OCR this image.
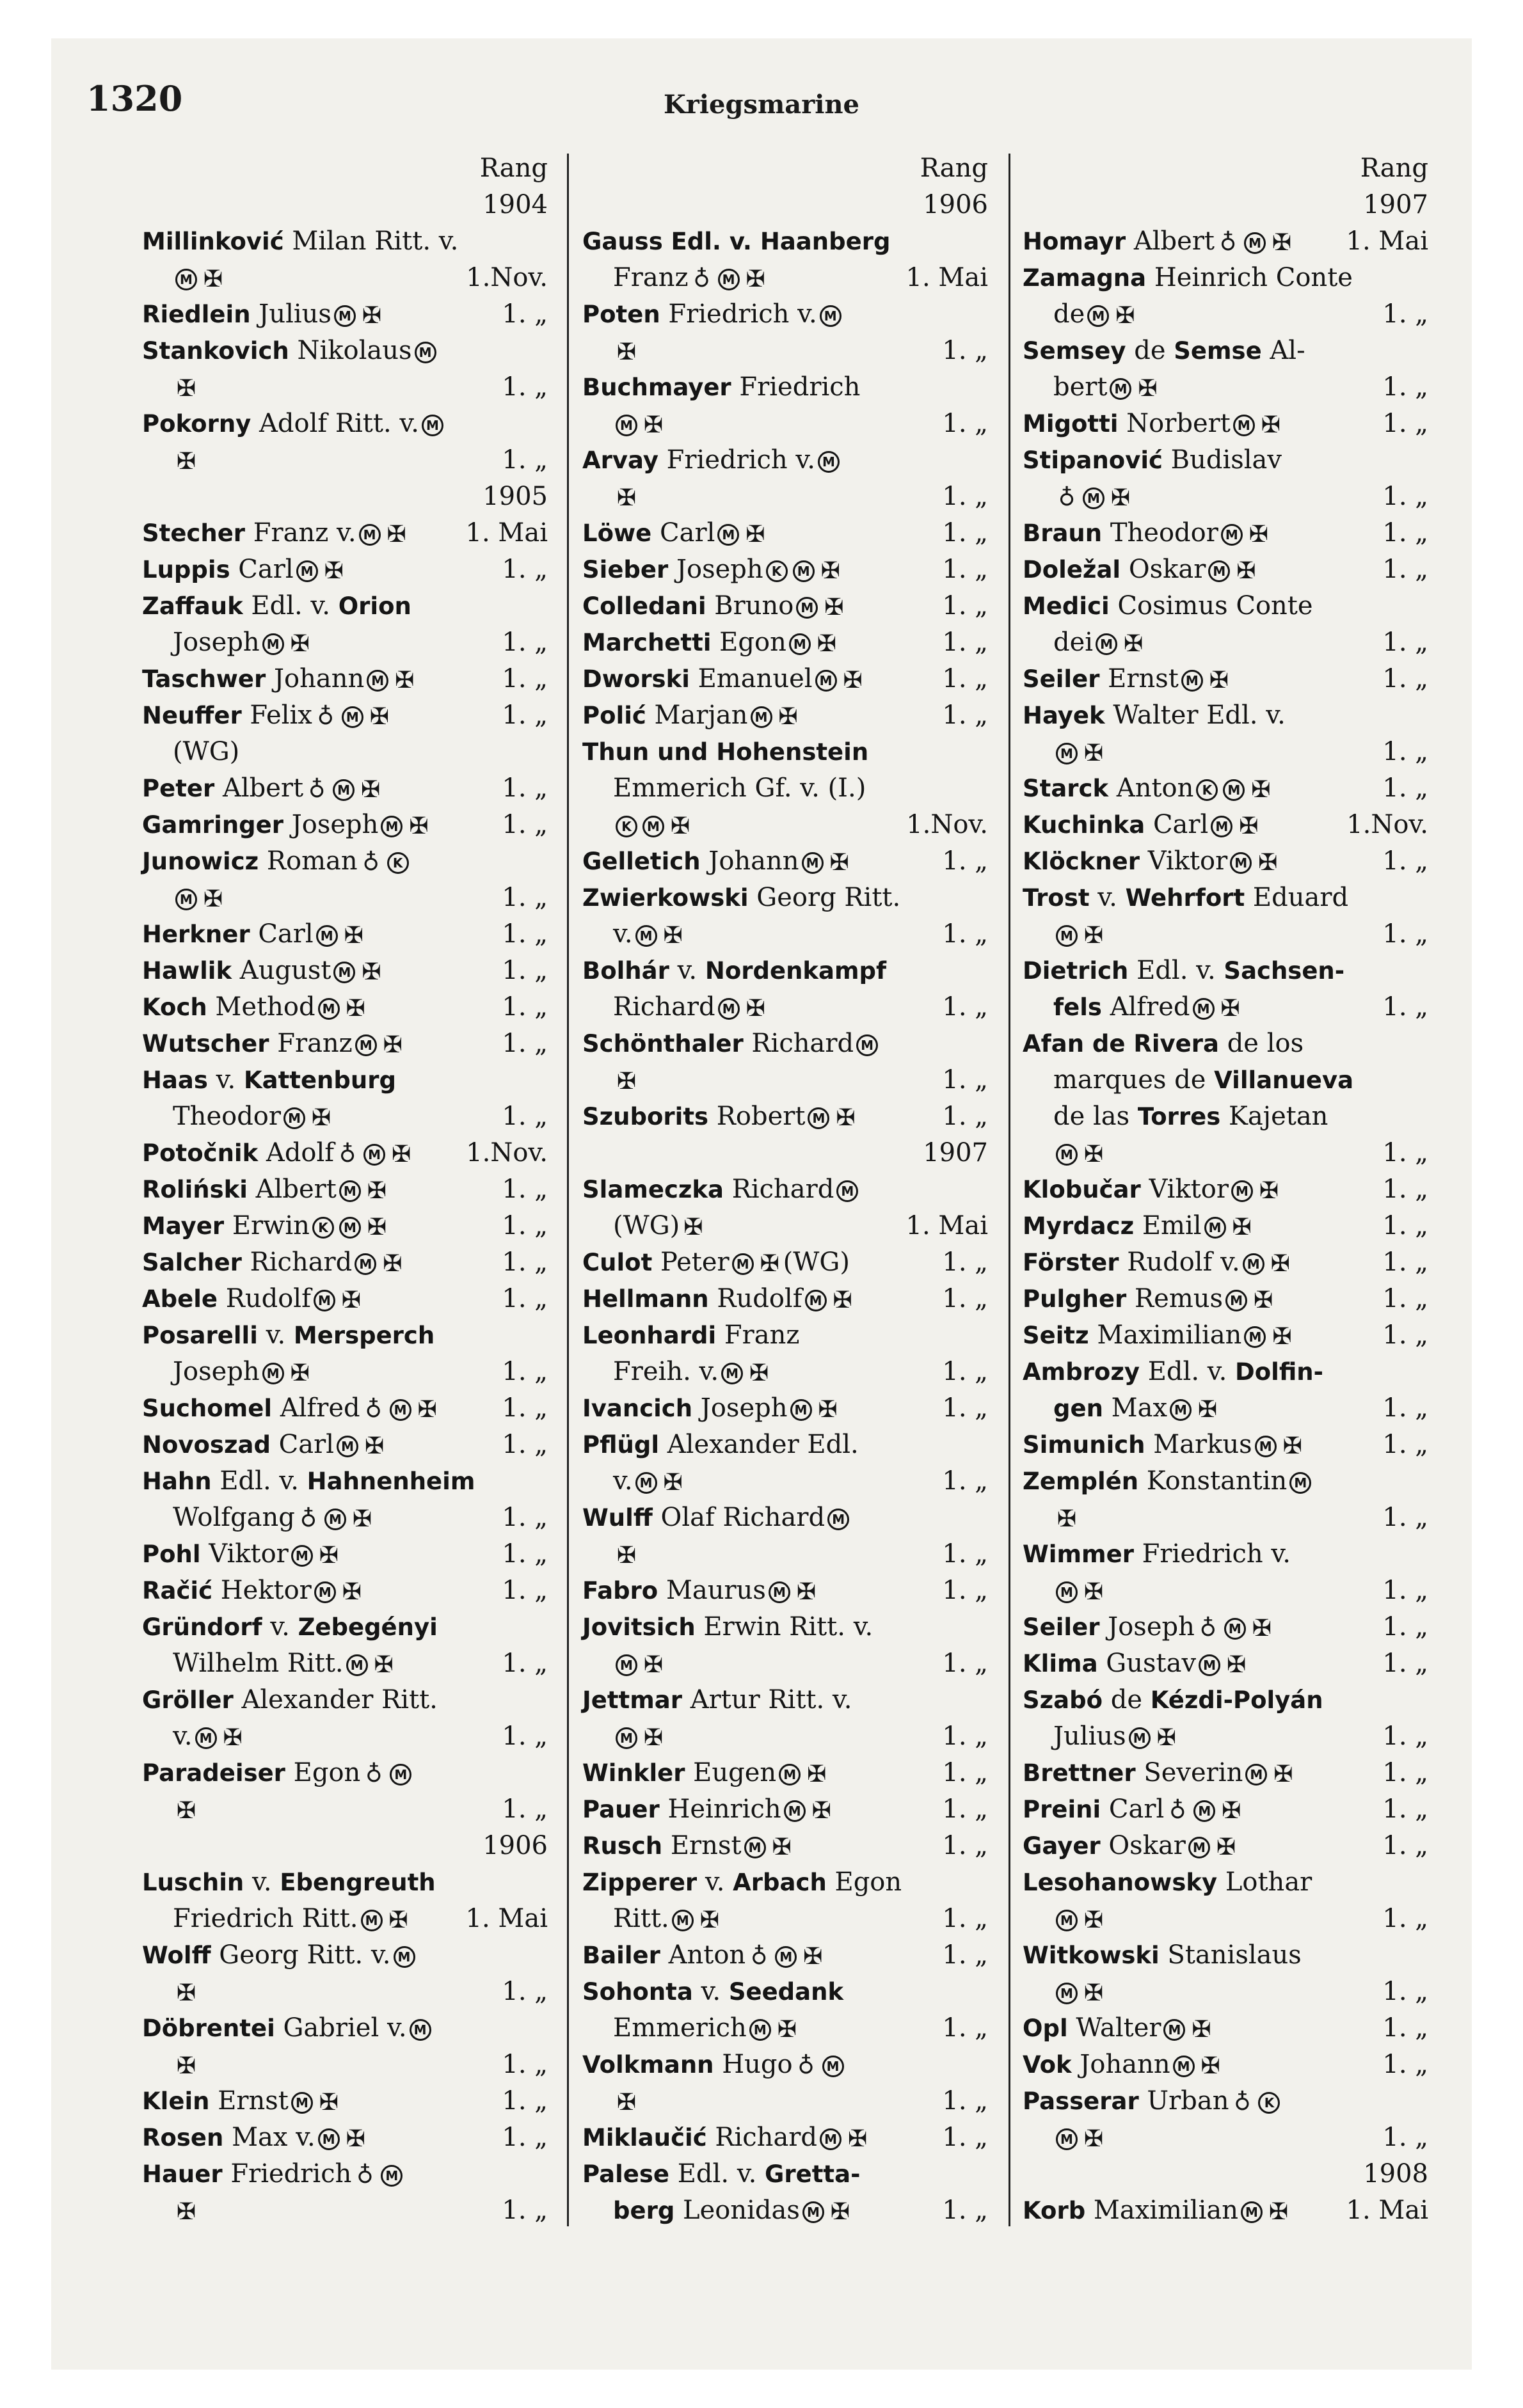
1320	Kriegsmarine
Rang
1904
Millinković Milan Ritt. v.
M ✠	1.Nov.
Riedlein Julius M ✠	1. „
Stankovich Nikolaus M
✠	1. „
Pokorny Adolf Ritt. v. M
✠	1. „
1905
Stecher Franz v. M ✠ 1. Mai
Luppis Carl M ✠	1. „
Zaffauk Edl. v. Orion
Joseph M ✠	1. „
Taschwer Johann M ✠	1. „
Neuffer Felix ♁ M ✠	1. „
(WG)
Peter Albert ♁ M ✠	1. „
Gamringer Joseph M ✠	1. „
Junowicz Roman ♁ K
M ✠	1. „
Herkner Carl M ✠	1. „
Hawlik August M ✠	1. „
Koch Method M ✠	1. „
Wutscher Franz M ✠	1. „
Haas v. Kattenburg
Theodor M ✠	1. „
Potočnik Adolf ♁ M ✠ 1.Nov.
Roliński Albert M ✠	1. „
Mayer Erwin K M ✠	1. „
Salcher Richard M ✠	1. „
Abele Rudolf M ✠	1. „
Posarelli v. Mersperch
Joseph M ✠	1. „
Suchomel Alfred ♁ M ✠	1. „
Novoszad Carl M ✠	1. „
Hahn Edl. v. Hahnenheim
Wolfgang ♁ M ✠	1. „
Pohl Viktor M ✠	1. „
Račić Hektor M ✠	1. „
Gründorf v. Zebegényi
Wilhelm Ritt. M ✠	1. „
Gröller Alexander Ritt.
v. M ✠	1. „
Paradeiser Egon ♁ M
✠	1. „
1906
Luschin v. Ebengreuth
Friedrich Ritt. M ✠ 1. Mai
Wolff Georg Ritt. v. M
✠	1. „
Döbrentei Gabriel v. M
✠	1. „
Klein Ernst M ✠	1. „
Rosen Max v. M ✠	1. „
Hauer Friedrich ♁ M
✠	1. „
Rang
1906
Gauss Edl. v. Haanberg
Franz ♁ M ✠	1. Mai
Poten Friedrich v. M
✠	1. „
Buchmayer Friedrich
M ✠	1. „
Arvay Friedrich v. M
✠	1. „
Löwe Carl M ✠	1. „
Sieber Joseph K M ✠	1. „
Colledani Bruno M ✠	1. „
Marchetti Egon M ✠	1. „
Dworski Emanuel M ✠	1. „
Polić Marjan M ✠	1. „
Thun und Hohenstein
Emmerich Gf. v. (I.)
K M ✠	1.Nov.
Gelletich Johann M ✠	1. „
Zwierkowski Georg Ritt.
v. M ✠	1. „
Bolhár v. Nordenkampf
Richard M ✠	1. „
Schönthaler Richard M
✠	1. „
Szuborits Robert M ✠	1. „
1907
Slameczka Richard M
(WG) ✠	1. Mai
Culot Peter M ✠ (WG)	1. „
Hellmann Rudolf M ✠	1. „
Leonhardi Franz
Freih. v. M ✠	1. „
Ivancich Joseph M ✠	1. „
Pflügl Alexander Edl.
v. M ✠	1. „
Wulff Olaf Richard M
✠	1. „
Fabro Maurus M ✠	1. „
Jovitsich Erwin Ritt. v.
M ✠	1. „
Jettmar Artur Ritt. v.
M ✠	1. „
Winkler Eugen M ✠	1. „
Pauer Heinrich M ✠	1. „
Rusch Ernst M ✠	1. „
Zipperer v. Arbach Egon
Ritt. M ✠	1. „
Bailer Anton ♁ M ✠	1. „
Sohonta v. Seedank
Emmerich M ✠	1. „
Volkmann Hugo ♁ M
✠	1. „
Miklaučić Richard M ✠	1. „
Palese Edl. v. Gretta-
berg Leonidas M ✠	1. „
Rang
1907
Homayr Albert ♁ M ✠ 1. Mai
Zamagna Heinrich Conte
de M ✠	1. „
Semsey de Semse Al-
bert M ✠	1. „
Migotti Norbert M ✠	1. „
Stipanović Budislav
♁ M ✠	1. „
Braun Theodor M ✠	1. „
Doležal Oskar M ✠	1. „
Medici Cosimus Conte
dei M ✠	1. „
Seiler Ernst M ✠	1. „
Hayek Walter Edl. v.
M ✠	1. „
Starck Anton K M ✠	1. „
Kuchinka Carl M ✠	1.Nov.
Klöckner Viktor M ✠	1. „
Trost v. Wehrfort Eduard
M ✠	1. „
Dietrich Edl. v. Sachsen-
fels Alfred M ✠	1. „
Afan de Rivera de los
marques de Villanueva
de las Torres Kajetan
M ✠	1. „
Klobučar Viktor M ✠	1. „
Myrdacz Emil M ✠	1. „
Förster Rudolf v. M ✠	1. „
Pulgher Remus M ✠	1. „
Seitz Maximilian M ✠	1. „
Ambrozy Edl. v. Dolfin-
gen Max M ✠	1. „
Simunich Markus M ✠	1. „
Zemplén Konstantin M
✠	1. „
Wimmer Friedrich v.
M ✠	1. „
Seiler Joseph ♁ M ✠	1. „
Klima Gustav M ✠	1. „
Szabó de Kézdi-Polyán
Julius M ✠	1. „
Brettner Severin M ✠	1. „
Preini Carl ♁ M ✠	1. „
Gayer Oskar M ✠	1. „
Lesohanowsky Lothar
M ✠	1. „
Witkowski Stanislaus
M ✠	1. „
Opl Walter M ✠	1. „
Vok Johann M ✠	1. „
Passerar Urban ♁ K
M ✠	1. „
1908
Korb Maximilian M ✠ 1. Mai
